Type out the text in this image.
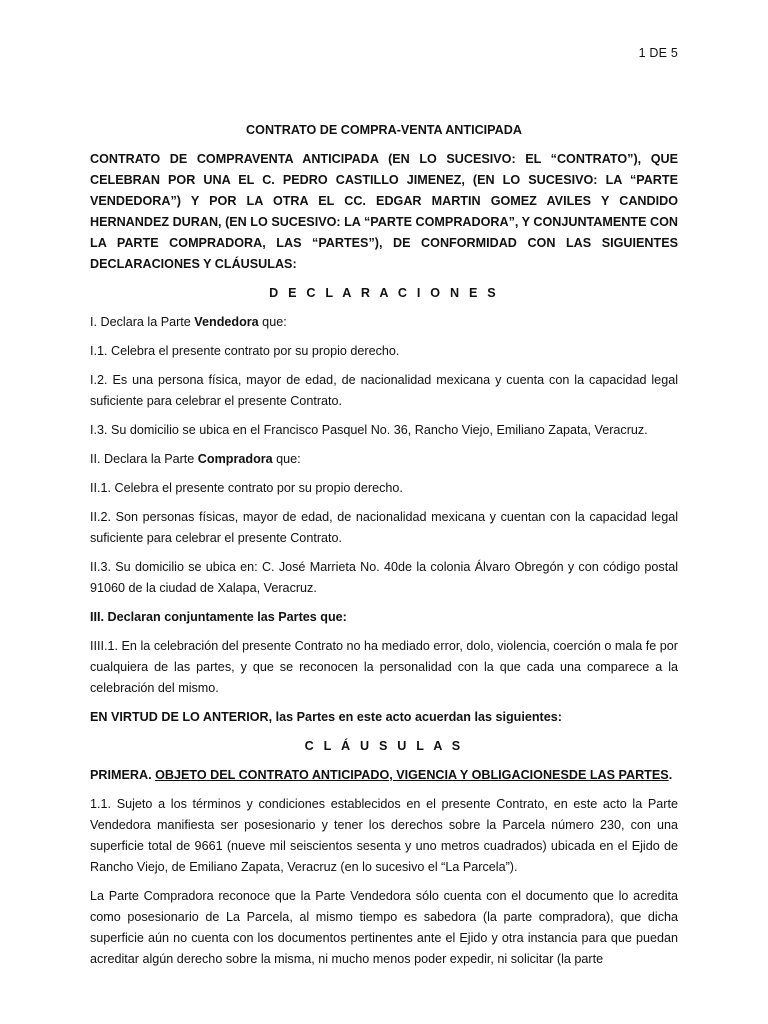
1 DE 5

CONTRATO DE COMPRA-VENTA ANTICIPADA

CONTRATO DE COMPRAVENTA ANTICIPADA (EN LO SUCESIVO: EL “CONTRATO”), QUE CELEBRAN POR UNA EL C. PEDRO CASTILLO JIMENEZ, (EN LO SUCESIVO: LA “PARTE VENDEDORA”) Y POR LA OTRA EL CC. EDGAR MARTIN GOMEZ AVILES Y CANDIDO HERNANDEZ DURAN, (EN LO SUCESIVO: LA “PARTE COMPRADORA”, Y CONJUNTAMENTE CON LA PARTE COMPRADORA, LAS “PARTES”), DE CONFORMIDAD CON LAS SIGUIENTES DECLARACIONES Y CLÁUSULAS:

D E C L A R A C I O N E S

I. Declara la Parte Vendedora que:

I.1. Celebra el presente contrato por su propio derecho.

I.2. Es una persona física, mayor de edad, de nacionalidad mexicana y cuenta con la capacidad legal suficiente para celebrar el presente Contrato.

I.3. Su domicilio se ubica en el Francisco Pasquel No. 36, Rancho Viejo, Emiliano Zapata, Veracruz.

II. Declara la Parte Compradora que:

II.1. Celebra el presente contrato por su propio derecho.

II.2. Son personas físicas, mayor de edad, de nacionalidad mexicana y cuentan con la capacidad legal suficiente para celebrar el presente Contrato.

II.3. Su domicilio se ubica en: C. José Marrieta No. 40de la colonia Álvaro Obregón y con código postal 91060 de la ciudad de Xalapa, Veracruz.

III. Declaran conjuntamente las Partes que:

IIII.1. En la celebración del presente Contrato no ha mediado error, dolo, violencia, coerción o mala fe por cualquiera de las partes, y que se reconocen la personalidad con la que cada una comparece a la celebración del mismo.

EN VIRTUD DE LO ANTERIOR, las Partes en este acto acuerdan las siguientes:

C L Á U S U L A S

PRIMERA. OBJETO DEL CONTRATO ANTICIPADO, VIGENCIA Y OBLIGACIONESDE LAS PARTES.

1.1. Sujeto a los términos y condiciones establecidos en el presente Contrato, en este acto la Parte Vendedora manifiesta ser posesionario y tener los derechos sobre la Parcela número 230, con una superficie total de 9661 (nueve mil seiscientos sesenta y uno metros cuadrados) ubicada en el Ejido de Rancho Viejo, de Emiliano Zapata, Veracruz (en lo sucesivo el “La Parcela”).

La Parte Compradora reconoce que la Parte Vendedora sólo cuenta con el documento que lo acredita como posesionario de La Parcela, al mismo tiempo es sabedora (la parte compradora), que dicha superficie aún no cuenta con los documentos pertinentes ante el Ejido y otra instancia para que puedan acreditar algún derecho sobre la misma, ni mucho menos poder expedir, ni solicitar (la parte
